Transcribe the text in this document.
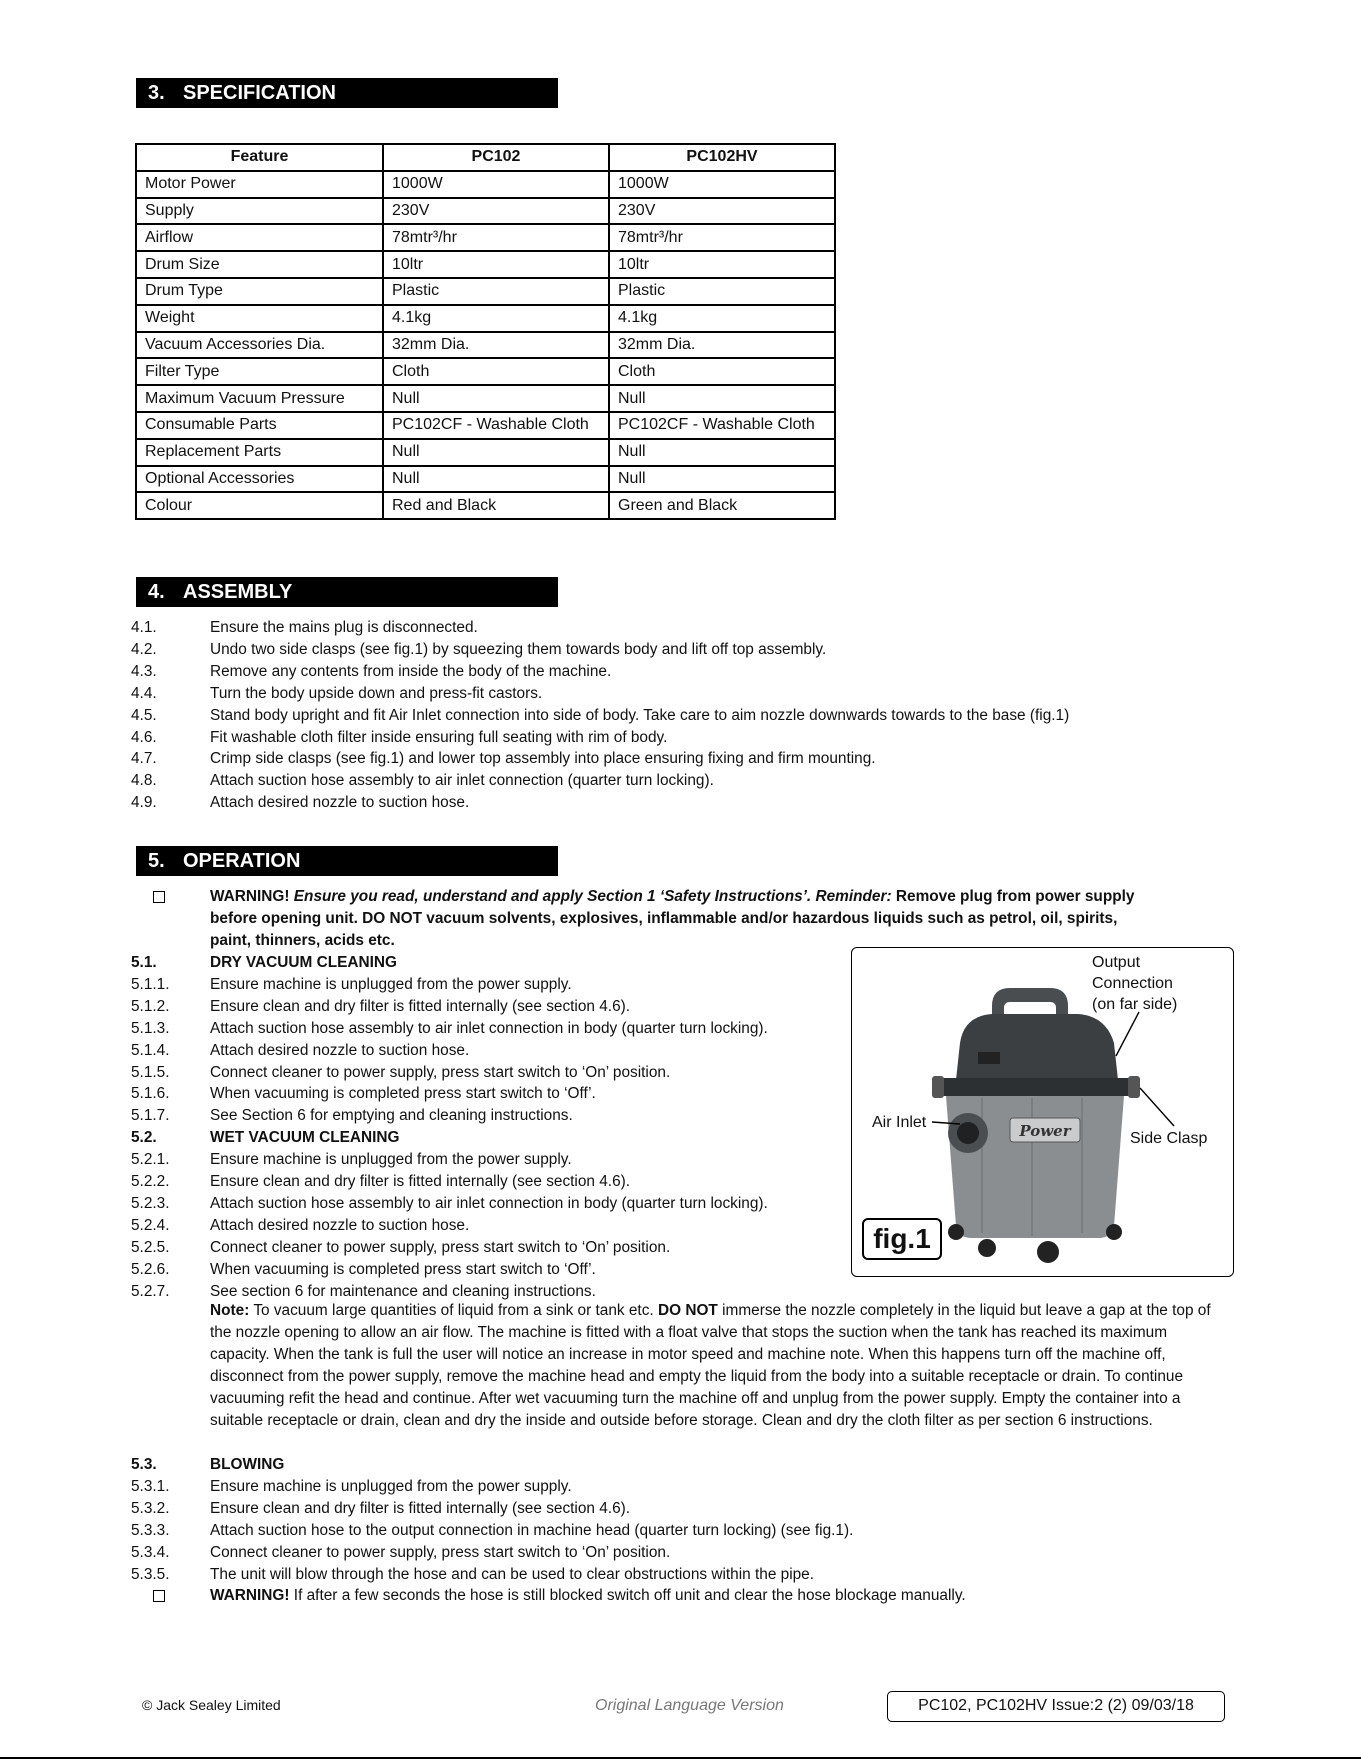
3. SPECIFICATION
Feature	PC102	PC102HV
Motor Power	1000W	1000W
Supply	230V	230V
Airflow	78mtr³/hr	78mtr³/hr
Drum Size	10ltr	10ltr
Drum Type	Plastic	Plastic
Weight	4.1kg	4.1kg
Vacuum Accessories Dia.	32mm Dia.	32mm Dia.
Filter Type	Cloth	Cloth
Maximum Vacuum Pressure	Null	Null
Consumable Parts	PC102CF - Washable Cloth	PC102CF - Washable Cloth
Replacement Parts	Null	Null
Optional Accessories	Null	Null
Colour	Red and Black	Green and Black
4. ASSEMBLY
4.1.	Ensure the mains plug is disconnected.
4.2.	Undo two side clasps (see fig.1) by squeezing them towards body and lift off top assembly.
4.3.	Remove any contents from inside the body of the machine.
4.4.	Turn the body upside down and press-fit castors.
4.5.	Stand body upright and fit Air Inlet connection into side of body. Take care to aim nozzle downwards towards to the base (fig.1)
4.6.	Fit washable cloth filter inside ensuring full seating with rim of body.
4.7.	Crimp side clasps (see fig.1) and lower top assembly into place ensuring fixing and firm mounting.
4.8.	Attach suction hose assembly to air inlet connection (quarter turn locking).
4.9.	Attach desired nozzle to suction hose.
5. OPERATION
WARNING! Ensure you read, understand and apply Section 1 ‘Safety Instructions’. Reminder: Remove plug from power supply
before opening unit. DO NOT vacuum solvents, explosives, inflammable and/or hazardous liquids such as petrol, oil, spirits,
paint, thinners, acids etc.
5.1.	DRY VACUUM CLEANING
5.1.1.	Ensure machine is unplugged from the power supply.
5.1.2.	Ensure clean and dry filter is fitted internally (see section 4.6).
5.1.3.	Attach suction hose assembly to air inlet connection in body (quarter turn locking).
5.1.4.	Attach desired nozzle to suction hose.
5.1.5.	Connect cleaner to power supply, press start switch to ‘On’ position.
5.1.6.	When vacuuming is completed press start switch to ‘Off’.
5.1.7.	See Section 6 for emptying and cleaning instructions.
5.2.	WET VACUUM CLEANING
5.2.1.	Ensure machine is unplugged from the power supply.
5.2.2.	Ensure clean and dry filter is fitted internally (see section 4.6).
5.2.3.	Attach suction hose assembly to air inlet connection in body (quarter turn locking).
5.2.4.	Attach desired nozzle to suction hose.
5.2.5.	Connect cleaner to power supply, press start switch to ‘On’ position.
5.2.6.	When vacuuming is completed press start switch to ‘Off’.
5.2.7.	See section 6 for maintenance and cleaning instructions.
Power
Output
Connection
(on far side)
Air Inlet
Side Clasp
fig.1
Note: To vacuum large quantities of liquid from a sink or tank etc. DO NOT immerse the nozzle completely in the liquid but leave a gap at the top of the nozzle opening to allow an air flow. The machine is fitted with a float valve that stops the suction when the tank has reached its maximum capacity. When the tank is full the user will notice an increase in motor speed and machine note. When this happens turn off the machine off, disconnect from the power supply, remove the machine head and empty the liquid from the body into a suitable receptacle or drain. To continue vacuuming refit the head and continue. After wet vacuuming turn the machine off and unplug from the power supply. Empty the container into a suitable receptacle or drain, clean and dry the inside and outside before storage. Clean and dry the cloth filter as per section 6 instructions.
5.3.	BLOWING
5.3.1.	Ensure machine is unplugged from the power supply.
5.3.2.	Ensure clean and dry filter is fitted internally (see section 4.6).
5.3.3.	Attach suction hose to the output connection in machine head (quarter turn locking) (see fig.1).
5.3.4.	Connect cleaner to power supply, press start switch to ‘On’ position.
5.3.5.	The unit will blow through the hose and can be used to clear obstructions within the pipe.
WARNING! If after a few seconds the hose is still blocked switch off unit and clear the hose blockage manually.
© Jack Sealey Limited	Original Language Version	PC102, PC102HV Issue:2 (2) 09/03/18
